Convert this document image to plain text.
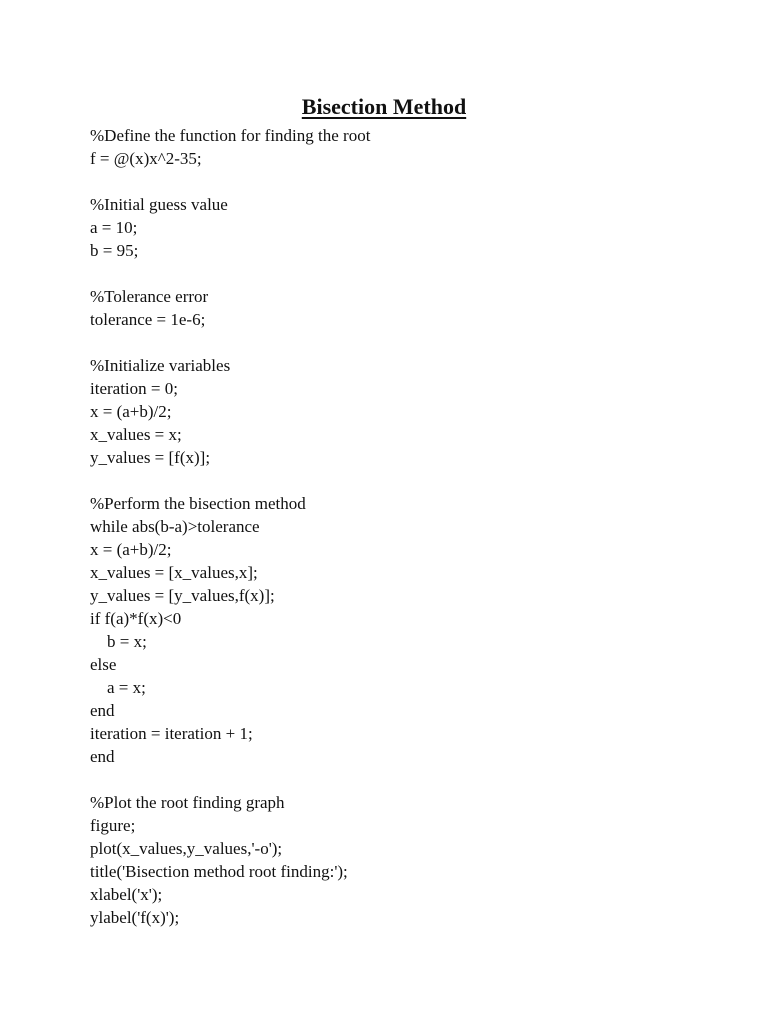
Bisection Method
%Define the function for finding the root
f = @(x)x^2-35;
%Initial guess value
a = 10;
b = 95;
%Tolerance error
tolerance = 1e-6;
%Initialize variables
iteration = 0;
x = (a+b)/2;
x_values = x;
y_values = [f(x)];
%Perform the bisection method
while abs(b-a)>tolerance
x = (a+b)/2;
x_values = [x_values,x];
y_values = [y_values,f(x)];
if f(a)*f(x)<0
b = x;
else
a = x;
end
iteration = iteration + 1;
end
%Plot the root finding graph
figure;
plot(x_values,y_values,'-o');
title('Bisection method root finding:');
xlabel('x');
ylabel('f(x)');
